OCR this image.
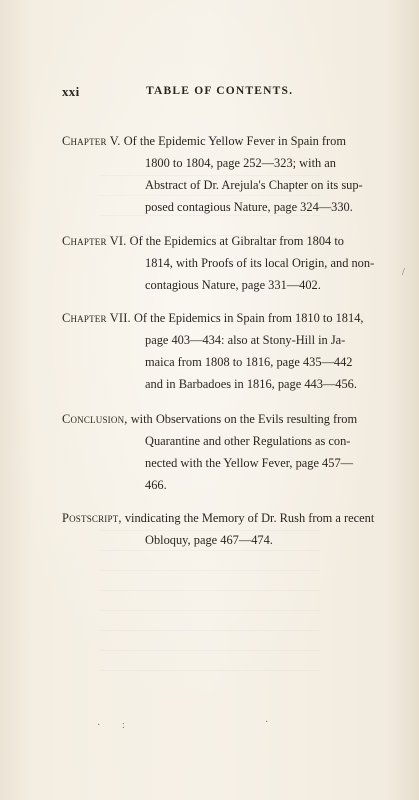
xxi	TABLE OF CONTENTS.
Chapter V. Of the Epidemic Yellow Fever in Spain from
1800 to 1804, page 252—323; with an
Abstract of Dr. Arejula's Chapter on its sup-
posed contagious Nature, page 324—330.
Chapter VI. Of the Epidemics at Gibraltar from 1804 to
1814, with Proofs of its local Origin, and non-
contagious Nature, page 331—402.
Chapter VII. Of the Epidemics in Spain from 1810 to 1814,
page 403—434: also at Stony-Hill in Ja-
maica from 1808 to 1816, page 435—442
and in Barbadoes in 1816, page 443—456.
Conclusion, with Observations on the Evils resulting from
Quarantine and other Regulations as con-
nected with the Yellow Fever, page 457—
466.
Postscript, vindicating the Memory of Dr. Rush from a recent
Obloquy, page 467—474.
· :	·
/
